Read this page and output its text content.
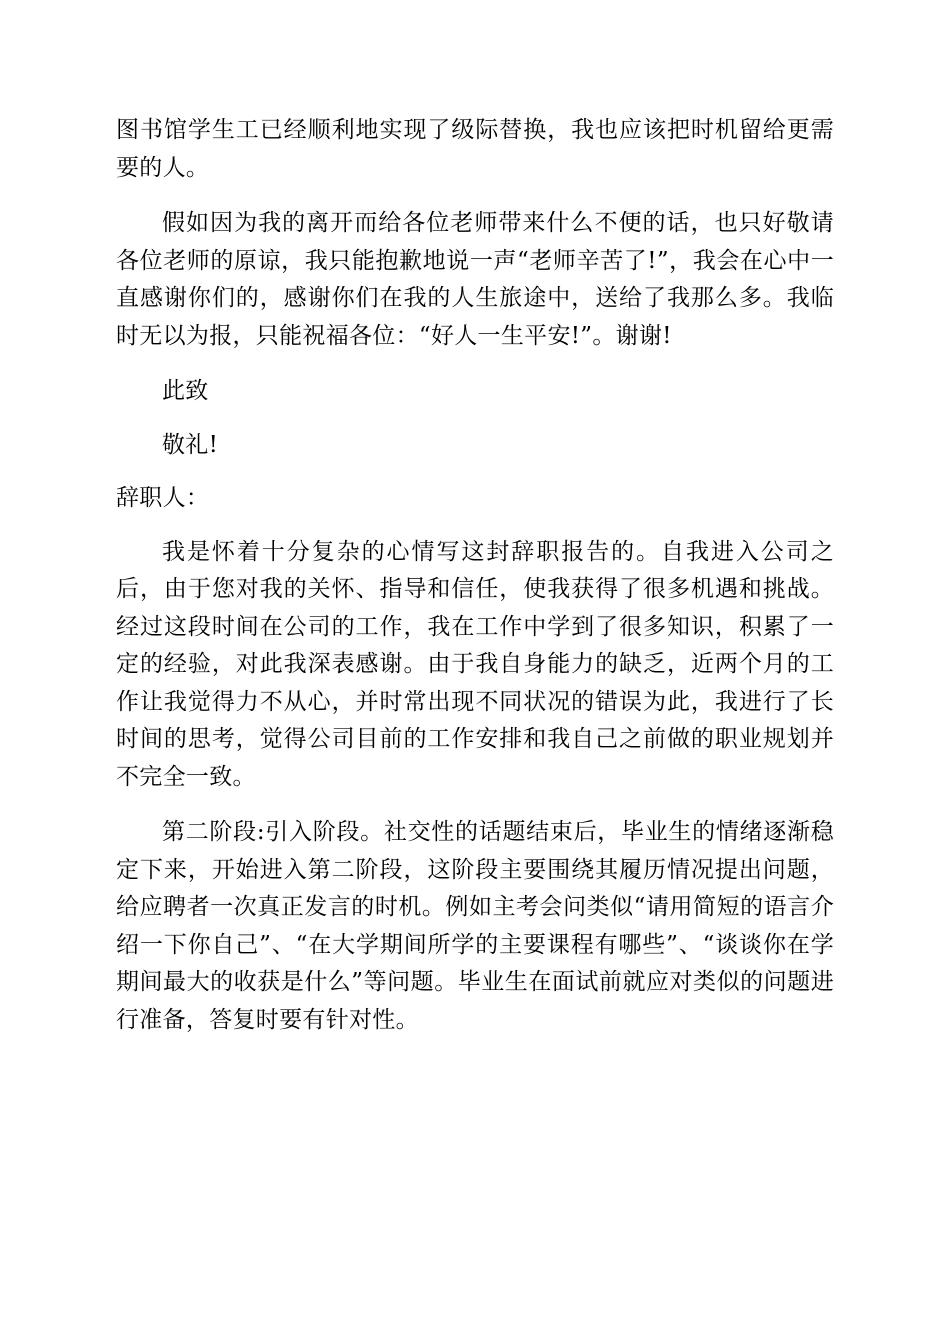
图书馆学生工已经顺利地实现了级际替换，我也应该把时机留给更需要的人。

假如因为我的离开而给各位老师带来什么不便的话，也只好敬请各位老师的原谅，我只能抱歉地说一声“老师辛苦了!”，我会在心中一直感谢你们的，感谢你们在我的人生旅途中，送给了我那么多。我临时无以为报，只能祝福各位：“好人一生平安!”。谢谢!

此致

敬礼!

辞职人：

我是怀着十分复杂的心情写这封辞职报告的。自我进入公司之后，由于您对我的关怀、指导和信任，使我获得了很多机遇和挑战。经过这段时间在公司的工作，我在工作中学到了很多知识，积累了一定的经验，对此我深表感谢。由于我自身能力的缺乏，近两个月的工作让我觉得力不从心，并时常出现不同状况的错误为此，我进行了长时间的思考，觉得公司目前的工作安排和我自己之前做的职业规划并不完全一致。

第二阶段:引入阶段。社交性的话题结束后，毕业生的情绪逐渐稳定下来，开始进入第二阶段，这阶段主要围绕其履历情况提出问题，给应聘者一次真正发言的时机。例如主考会问类似“请用简短的语言介绍一下你自己”、“在大学期间所学的主要课程有哪些”、“谈谈你在学期间最大的收获是什么”等问题。毕业生在面试前就应对类似的问题进行准备，答复时要有针对性。
